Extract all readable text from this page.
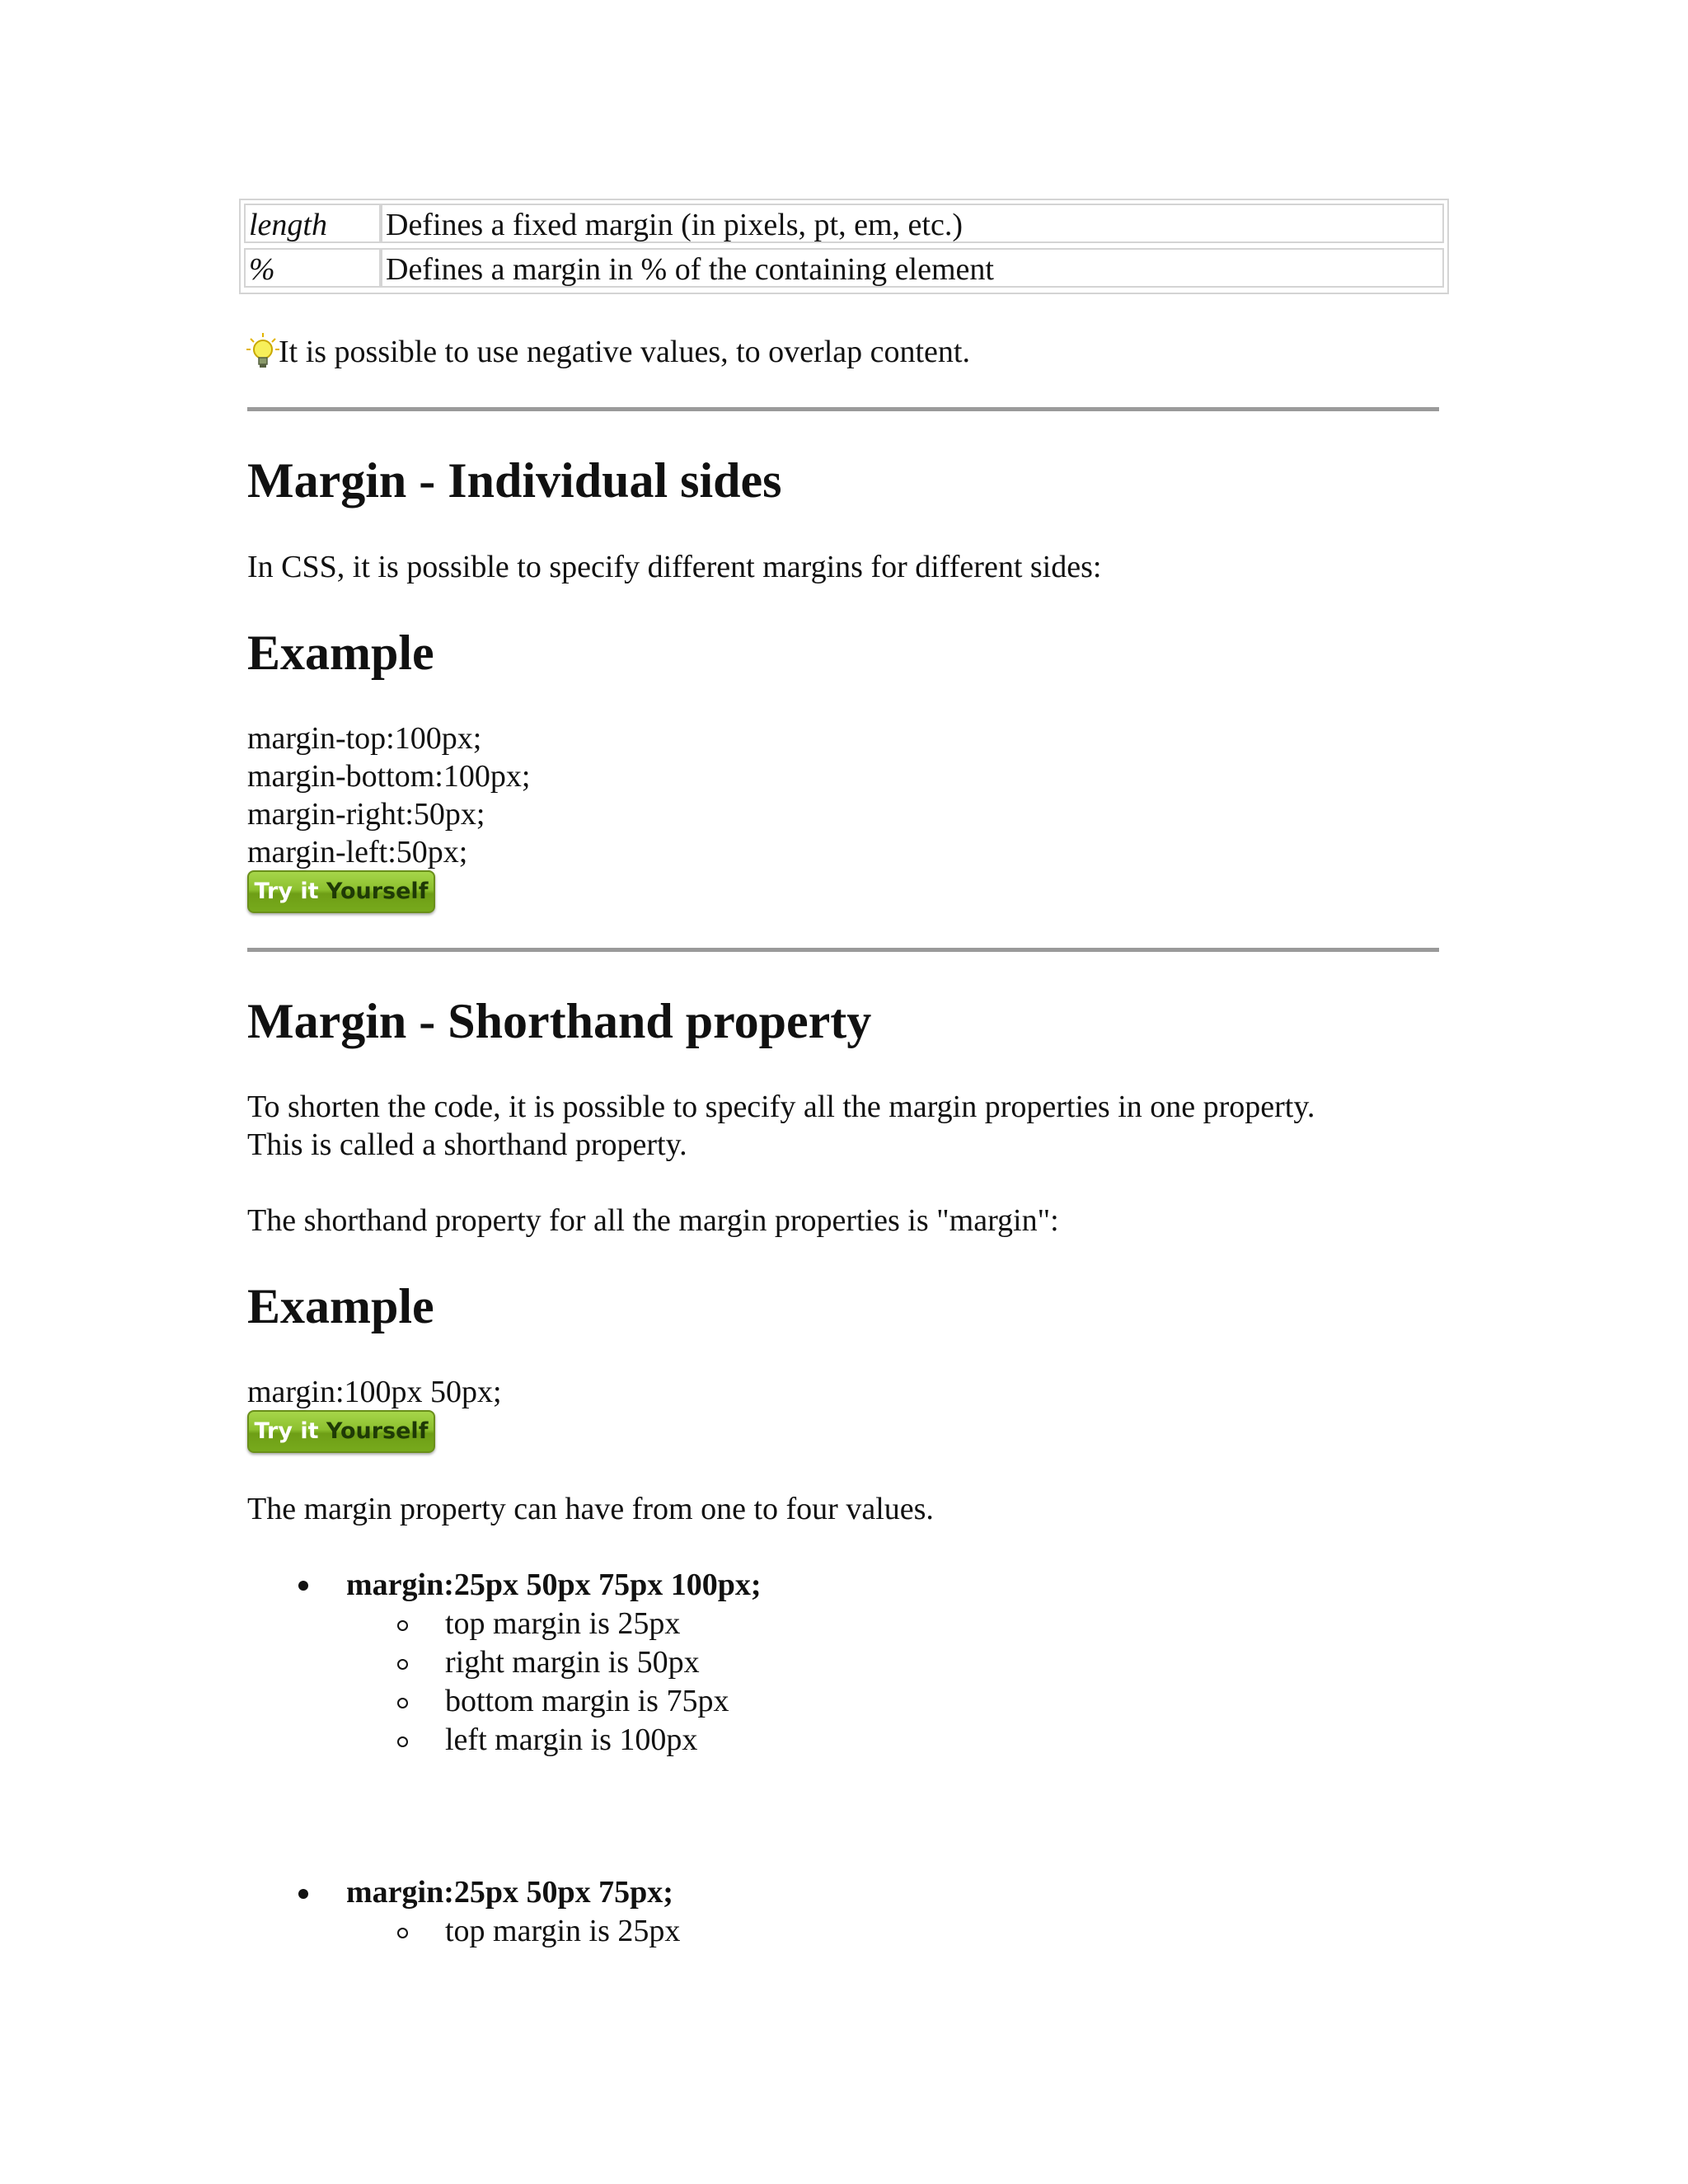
length	Defines a fixed margin (in pixels, pt, em, etc.)
%	Defines a margin in % of the containing element
It is possible to use negative values, to overlap content.
Margin - Individual sides
In CSS, it is possible to specify different margins for different sides:
Example
margin-top:100px;
margin-bottom:100px;
margin-right:50px;
margin-left:50px;
Try it Yourself
Margin - Shorthand property
To shorten the code, it is possible to specify all the margin properties in one property.
This is called a shorthand property.
The shorthand property for all the margin properties is "margin":
Example
margin:100px 50px;
Try it Yourself
The margin property can have from one to four values.
margin:25px 50px 75px 100px;
top margin is 25px
right margin is 50px
bottom margin is 75px
left margin is 100px
margin:25px 50px 75px;
top margin is 25px
